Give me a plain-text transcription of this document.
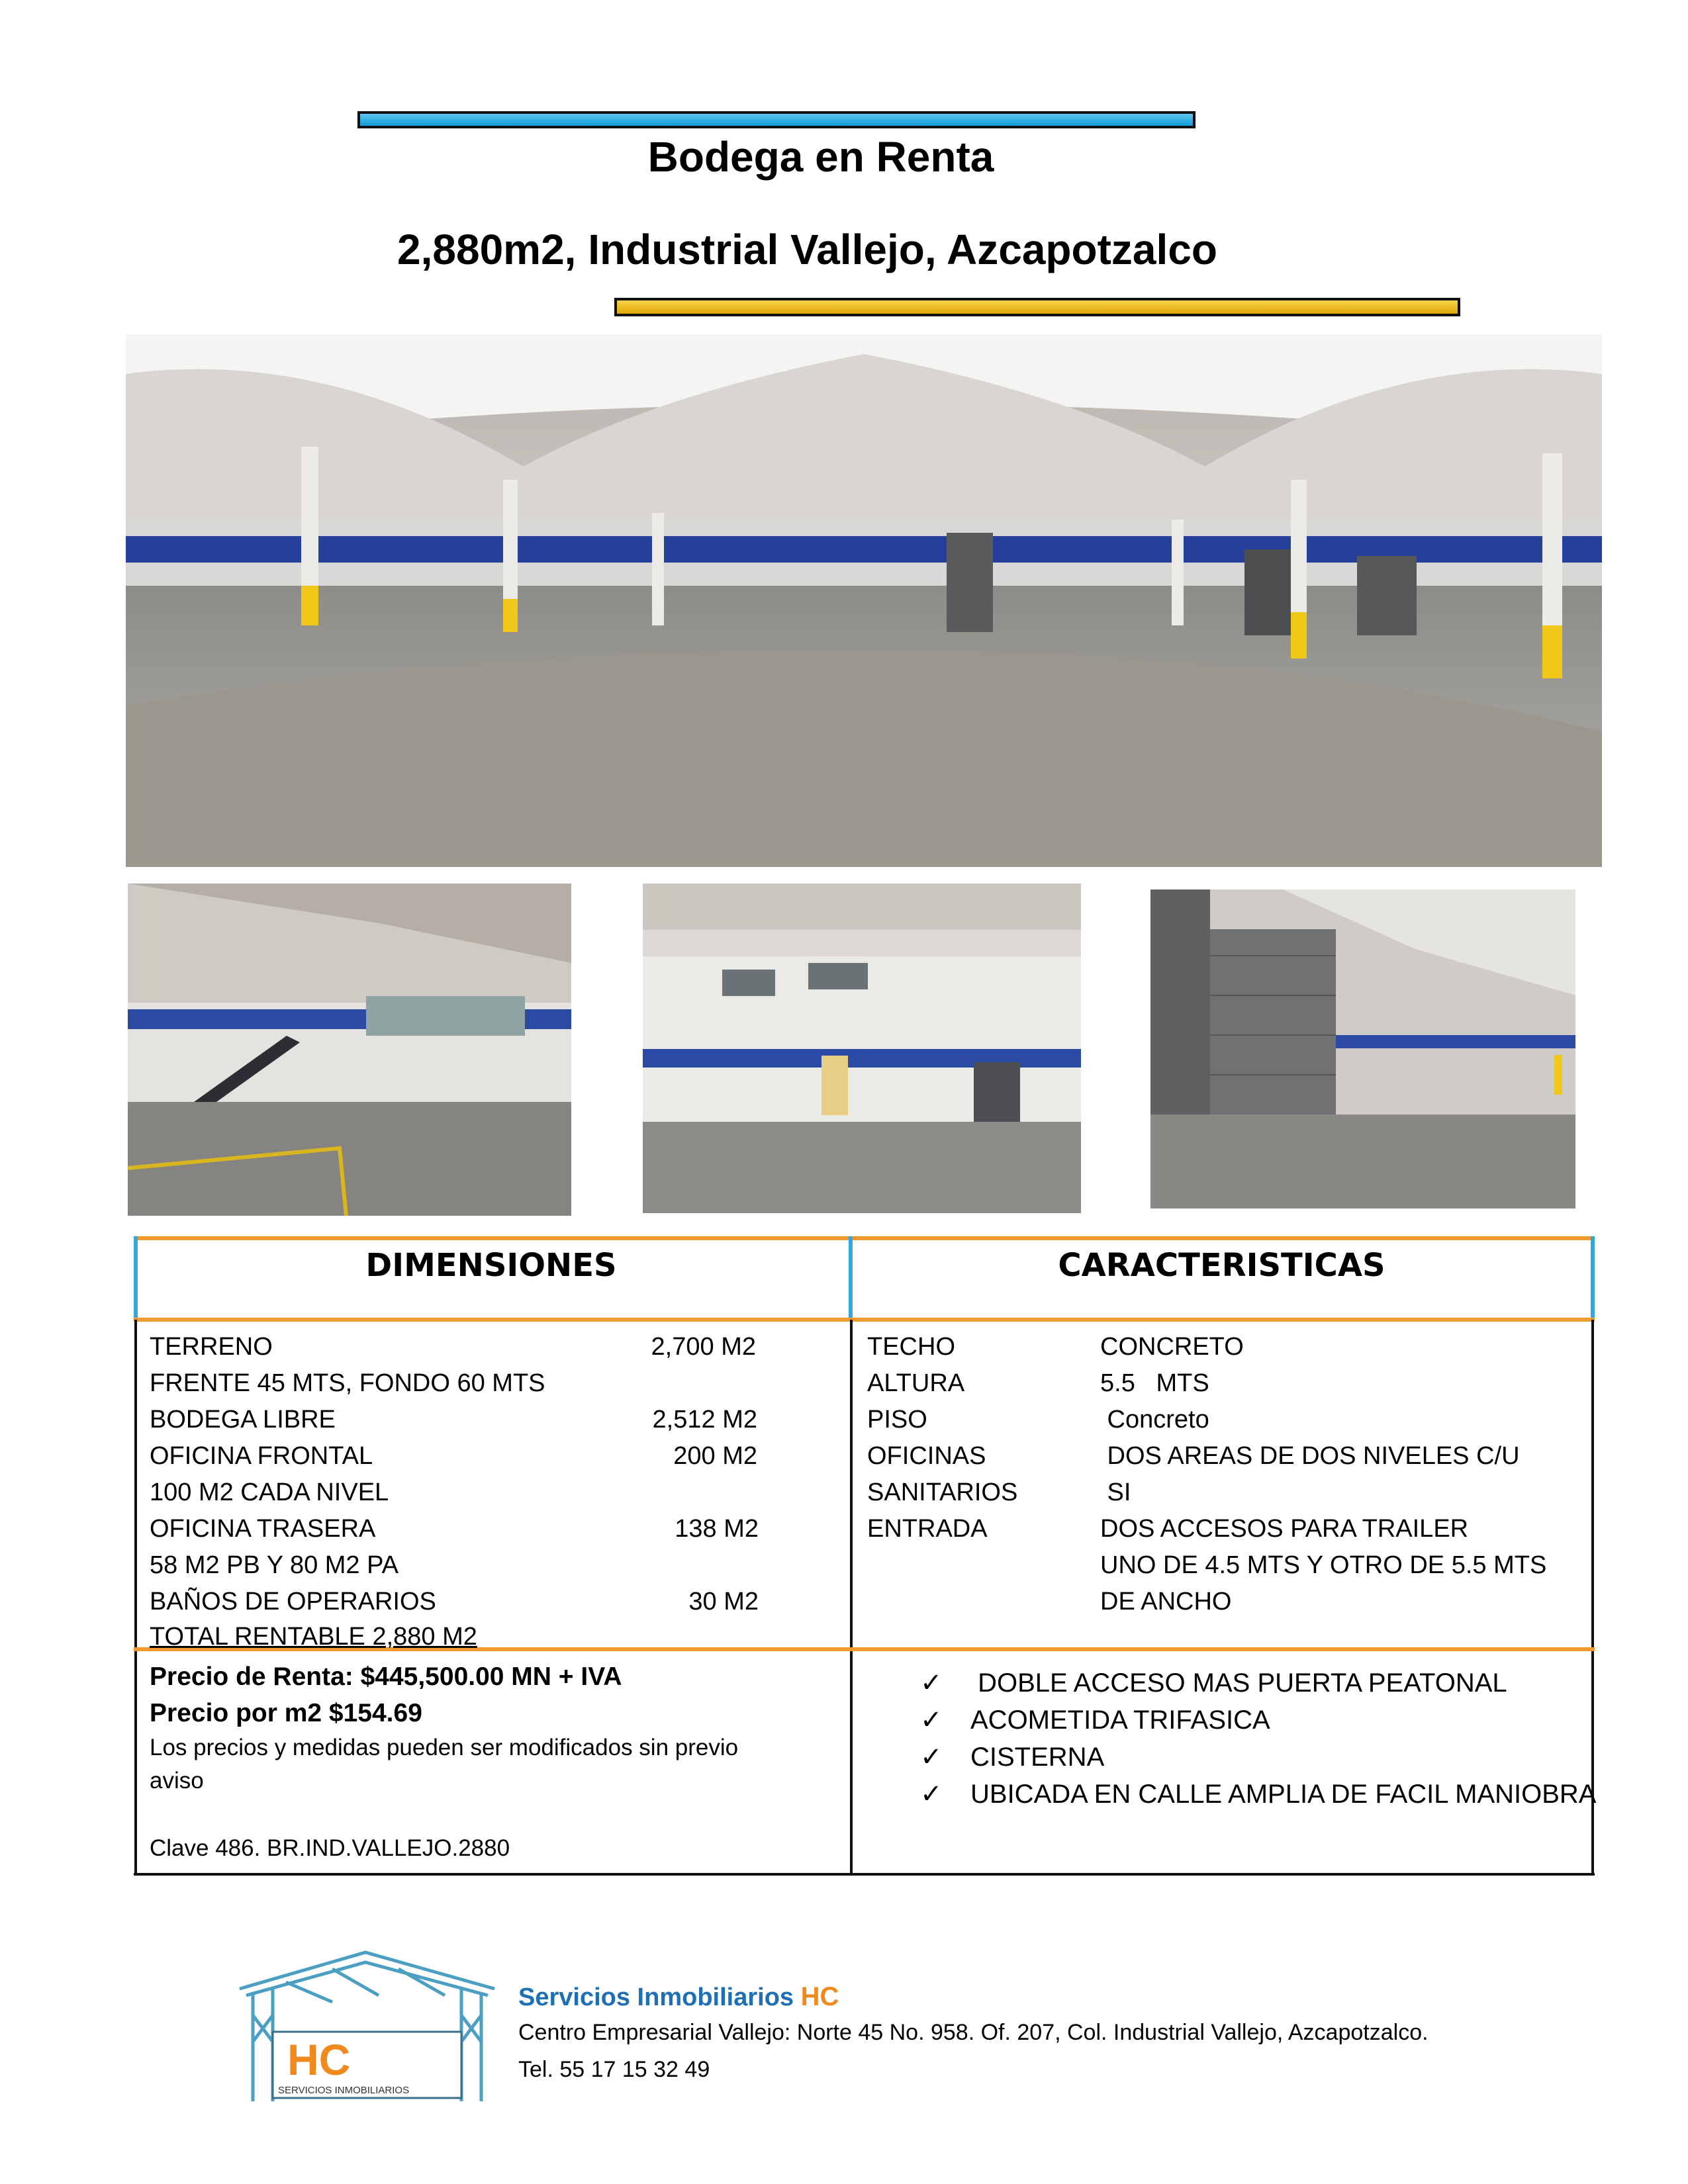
Bodega en Renta
2,880m2, Industrial Vallejo, Azcapotzalco
DIMENSIONES	CARACTERISTICAS
TERRENO	2,700 M2
FRENTE 45 MTS, FONDO 60 MTS
BODEGA LIBRE	2,512 M2
OFICINA FRONTAL	200 M2
100 M2 CADA NIVEL
OFICINA TRASERA	138 M2
58 M2 PB Y 80 M2 PA
BAÑOS DE OPERARIOS	30 M2
TOTAL RENTABLE 2,880 M2
TECHO	CONCRETO
ALTURA	5.5   MTS
PISO	Concreto
OFICINAS	DOS AREAS DE DOS NIVELES C/U
SANITARIOS	SI
ENTRADA	DOS ACCESOS PARA TRAILER
UNO DE 4.5 MTS Y OTRO DE 5.5 MTS
DE ANCHO
Precio de Renta: $445,500.00 MN + IVA
Precio por m2 $154.69
Los precios y medidas pueden ser modificados sin previo
aviso
Clave 486. BR.IND.VALLEJO.2880
✓ DOBLE ACCESO MAS PUERTA PEATONAL
✓ ACOMETIDA TRIFASICA
✓ CISTERNA
✓ UBICADA EN CALLE AMPLIA DE FACIL MANIOBRA
HC
SERVICIOS INMOBILIARIOS
Servicios Inmobiliarios HC
Centro Empresarial Vallejo: Norte 45 No. 958. Of. 207, Col. Industrial Vallejo, Azcapotzalco.
Tel. 55 17 15 32 49
